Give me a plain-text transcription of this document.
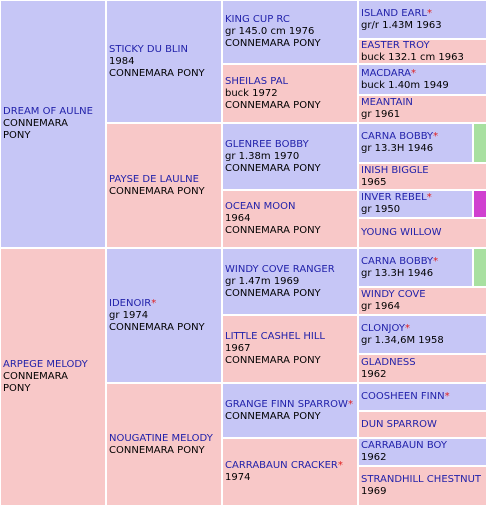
DREAM OF AULNE
CONNEMARA
PONY
ARPEGE MELODY
CONNEMARA
PONY
STICKY DU BLIN
1984
CONNEMARA PONY
PAYSE DE LAULNE
CONNEMARA PONY
IDENOIR*
gr 1974
CONNEMARA PONY
NOUGATINE MELODY
CONNEMARA PONY
KING CUP RC
gr 145.0 cm 1976
CONNEMARA PONY
SHEILAS PAL
buck 1972
CONNEMARA PONY
GLENREE BOBBY
gr 1.38m 1970
CONNEMARA PONY
OCEAN MOON
1964
CONNEMARA PONY
WINDY COVE RANGER
gr 1.47m 1969
CONNEMARA PONY
LITTLE CASHEL HILL
1967
CONNEMARA PONY
GRANGE FINN SPARROW*
CONNEMARA PONY
CARRABAUN CRACKER*
1974
ISLAND EARL*
gr/r 1.43M 1963
EASTER TROY
buck 132.1 cm 1963
MACDARA*
buck 1.40m 1949
MEANTAIN
gr 1961
CARNA BOBBY*
gr 13.3H 1946
INISH BIGGLE
1965
INVER REBEL*
gr 1950
YOUNG WILLOW
CARNA BOBBY*
gr 13.3H 1946
WINDY COVE
gr 1964
CLONJOY*
gr 1.34,6M 1958
GLADNESS
1962
COOSHEEN FINN*
DUN SPARROW
CARRABAUN BOY
1962
STRANDHILL CHESTNUT
1969
